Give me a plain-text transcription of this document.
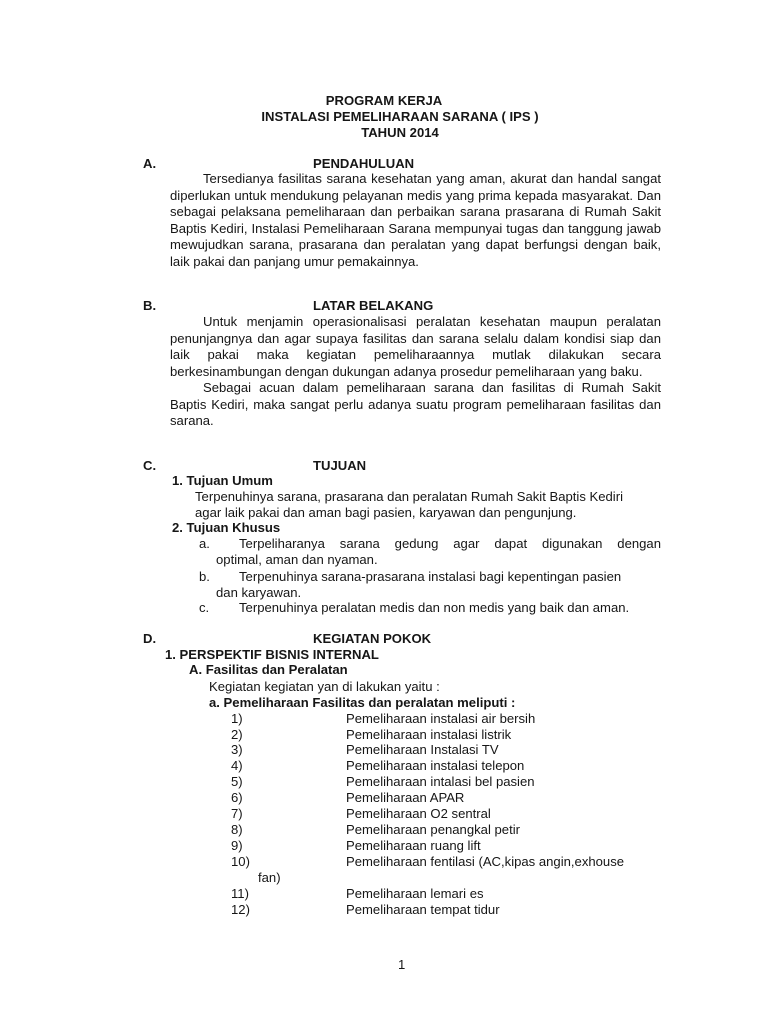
PROGRAM KERJA
INSTALASI PEMELIHARAAN SARANA ( IPS )
TAHUN 2014
A.	PENDAHULUAN

Tersedianya fasilitas sarana kesehatan yang aman, akurat dan handal sangat diperlukan untuk mendukung pelayanan medis yang prima kepada masyarakat. Dan sebagai pelaksana pemeliharaan dan perbaikan sarana prasarana di Rumah Sakit Baptis Kediri, Instalasi Pemeliharaan Sarana mempunyai tugas dan tanggung jawab mewujudkan sarana, prasarana dan peralatan yang dapat berfungsi dengan baik, laik pakai dan panjang umur pemakainnya.

B.	LATAR BELAKANG

Untuk menjamin operasionalisasi peralatan kesehatan maupun peralatan penunjangnya dan agar supaya fasilitas dan sarana selalu dalam kondisi siap dan laik pakai maka kegiatan pemeliharaannya mutlak dilakukan secara berkesinambungan dengan dukungan adanya prosedur pemeliharaan yang baku.

Sebagai acuan dalam pemeliharaan sarana dan fasilitas di Rumah Sakit Baptis Kediri, maka sangat perlu adanya suatu program pemeliharaan fasilitas dan sarana.

C.	TUJUAN
1. Tujuan Umum
Terpenuhinya sarana, prasarana dan peralatan Rumah Sakit Baptis Kediri
agar laik pakai dan aman bagi pasien, karyawan dan pengunjung.
2. Tujuan Khusus
a. Terpeliharanya sarana gedung agar dapat digunakan dengan
optimal, aman dan nyaman.
b. Terpenuhinya sarana-prasarana instalasi bagi kepentingan pasien
dan karyawan.
c. Terpenuhinya peralatan medis dan non medis yang baik dan aman.
D.	KEGIATAN POKOK
1. PERSPEKTIF BISNIS INTERNAL
A. Fasilitas dan Peralatan
Kegiatan kegiatan yan di lakukan yaitu :
a. Pemeliharaan Fasilitas dan peralatan meliputi :
1)	Pemeliharaan instalasi air bersih
2)	Pemeliharaan instalasi listrik
3)	Pemeliharaan Instalasi TV
4)	Pemeliharaan instalasi telepon
5)	Pemeliharaan intalasi bel pasien
6)	Pemeliharaan APAR
7)	Pemeliharaan O2 sentral
8)	Pemeliharaan penangkal petir
9)	Pemeliharaan ruang lift
10)	Pemeliharaan fentilasi (AC,kipas angin,exhouse
fan)
11)	Pemeliharaan lemari es
12)	Pemeliharaan tempat tidur
1
